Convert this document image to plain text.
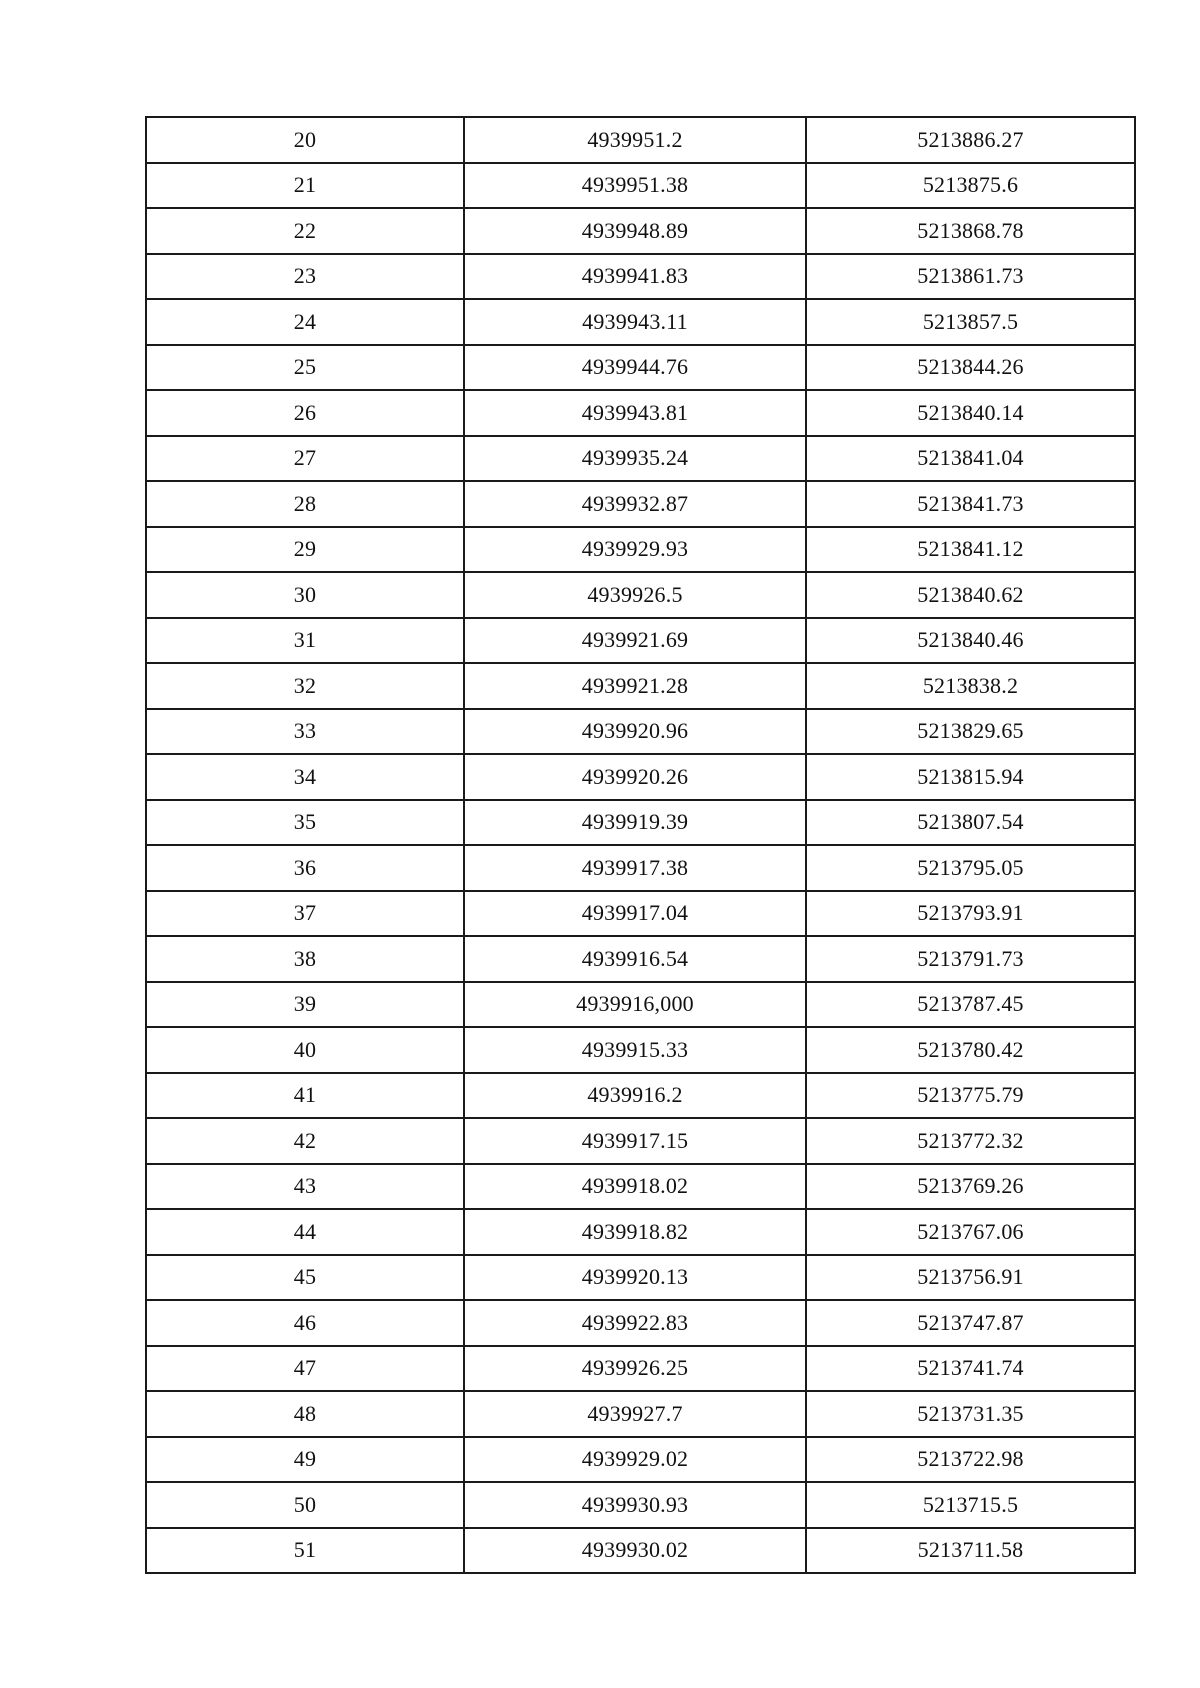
20	4939951.2	5213886.27
21	4939951.38	5213875.6
22	4939948.89	5213868.78
23	4939941.83	5213861.73
24	4939943.11	5213857.5
25	4939944.76	5213844.26
26	4939943.81	5213840.14
27	4939935.24	5213841.04
28	4939932.87	5213841.73
29	4939929.93	5213841.12
30	4939926.5	5213840.62
31	4939921.69	5213840.46
32	4939921.28	5213838.2
33	4939920.96	5213829.65
34	4939920.26	5213815.94
35	4939919.39	5213807.54
36	4939917.38	5213795.05
37	4939917.04	5213793.91
38	4939916.54	5213791.73
39	4939916,000	5213787.45
40	4939915.33	5213780.42
41	4939916.2	5213775.79
42	4939917.15	5213772.32
43	4939918.02	5213769.26
44	4939918.82	5213767.06
45	4939920.13	5213756.91
46	4939922.83	5213747.87
47	4939926.25	5213741.74
48	4939927.7	5213731.35
49	4939929.02	5213722.98
50	4939930.93	5213715.5
51	4939930.02	5213711.58
